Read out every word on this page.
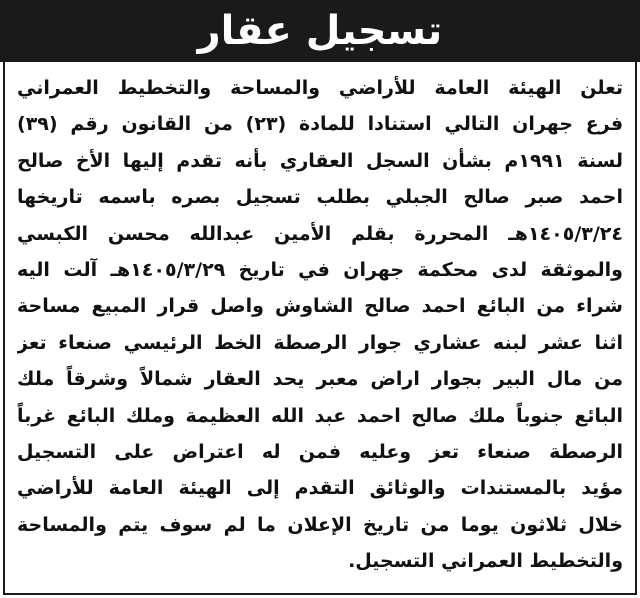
تسجيل عقار
تعلن الهيئة العامة للأراضي والمساحة والتخطيط العمراني
فرع جهران التالي استنادا للمادة (٢٣) من القانون رقم (٣٩)
لسنة ١٩٩١م بشأن السجل العقاري بأنه تقدم إليها الأخ صالح
احمد صبر صالح الجبلي بطلب تسجيل بصره باسمه تاريخها
١٤٠٥/٣/٢٤هـ المحررة بقلم الأمين عبدالله محسن الكبسي
والموثقة لدى محكمة جهران في تاريخ ١٤٠٥/٣/٢٩هـ آلت اليه
شراء من البائع احمد صالح الشاوش واصل قرار المبيع مساحة
اثنا عشر لبنه عشاري جوار الرصطة الخط الرئيسي صنعاء تعز
من مال البير بجوار اراض معبر يحد العقار شمالاً وشرقاً ملك
البائع جنوباً ملك صالح احمد عبد الله العظيمة وملك البائع غرباً
الرصطة صنعاء تعز وعليه فمن له اعتراض على التسجيل
مؤيد بالمستندات والوثائق التقدم إلى الهيئة العامة للأراضي
خلال ثلاثون يوما من تاريخ الإعلان ما لم سوف يتم والمساحة
والتخطيط العمراني التسجيل.
